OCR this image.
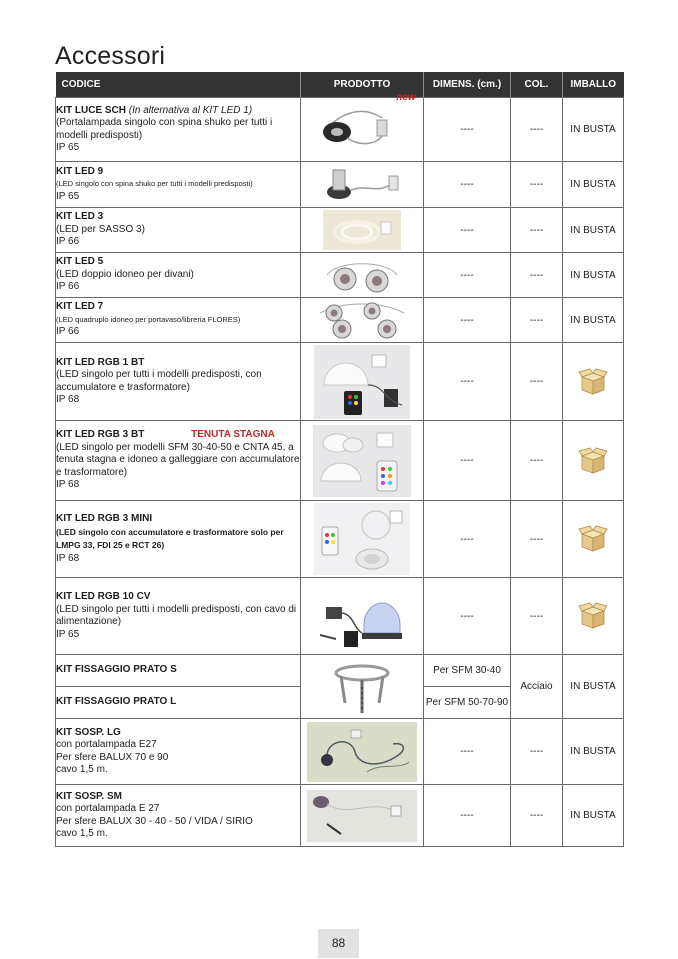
Accessori
CODICE	PRODOTTO	DIMENS. (cm.)	COL.	IMBALLO
KIT LUCE SCH (In alternativa al KIT LED 1)
(Portalampada singolo con spina shuko per tutti i modelli predisposti)
IP 65	new	----	----	IN BUSTA
KIT LED 9
(LED singolo con spina shuko per tutti i modelli predisposti)
IP 65		----	----	IN BUSTA
KIT LED 3
(LED per SASSO 3)
IP 66		----	----	IN BUSTA
KIT LED 5
(LED doppio idoneo per divani)
IP 66		----	----	IN BUSTA
KIT LED 7
(LED quadruplo idoneo per portavaso/libreria FLORES)
IP 66		----	----	IN BUSTA
KIT LED RGB 1 BT
(LED singolo per tutti i modelli predisposti, con accumulatore e trasformatore)
IP 68		----	----	

KIT LED RGB 3 BT TENUTA STAGNA
(LED singolo per modelli SFM 30-40-50 e CNTA 45, a tenuta stagna e idoneo a galleggiare con accumulatore e trasformatore)
IP 68		----	----	

KIT LED RGB 3 MINI
(LED singolo con accumulatore e trasformatore solo per LMPG 33, FDI 25 e RCT 26)
IP 68		----	----	

KIT LED RGB 10 CV
(LED singolo per tutti i modelli predisposti, con cavo di alimentazione)
IP 65		----	----	

KIT FISSAGGIO PRATO S		Per SFM 30-40	Acciaio	IN BUSTA
KIT FISSAGGIO PRATO L		Per SFM 50-70-90		
KIT SOSP. LG
con portalampada E27
Per sfere BALUX 70 e 90
cavo 1,5 m.		----	----	IN BUSTA
KIT SOSP. SM
con portalampada E 27
Per sfere BALUX 30 - 40 - 50 / VIDA / SIRIO
cavo 1,5 m.		----	----	IN BUSTA
88
